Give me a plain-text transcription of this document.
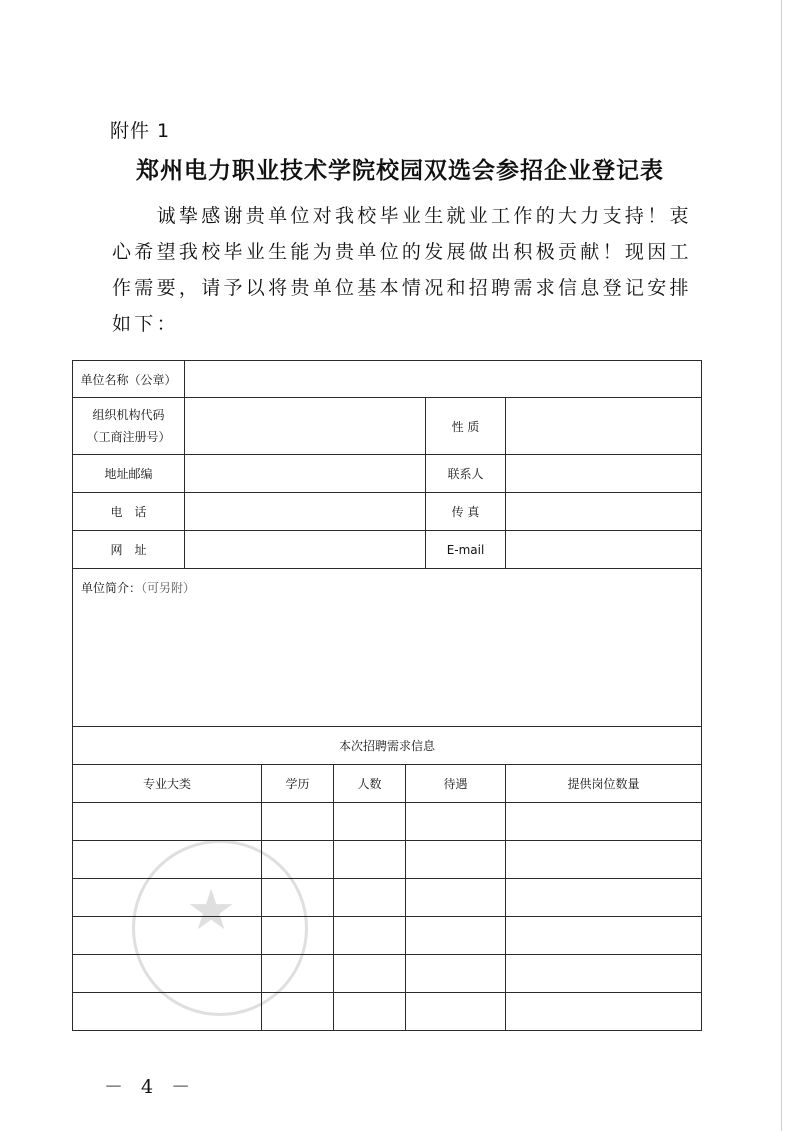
附件 1
郑州电力职业技术学院校园双选会参招企业登记表
　　诚挚感谢贵单位对我校毕业生就业工作的大力支持！衷
心希望我校毕业生能为贵单位的发展做出积极贡献！现因工
作需要，请予以将贵单位基本情况和招聘需求信息登记安排
如下：
★
单位名称（公章）						

组织机构代码
（工商注册号）					性 质	
地址邮编					联系人	
电　话					传 真	
网　址					E-mail	
单位简介：（可另附）						
本次招聘需求信息						
专业大类		学历	人数	待遇		提供岗位数量

－ 4 －
